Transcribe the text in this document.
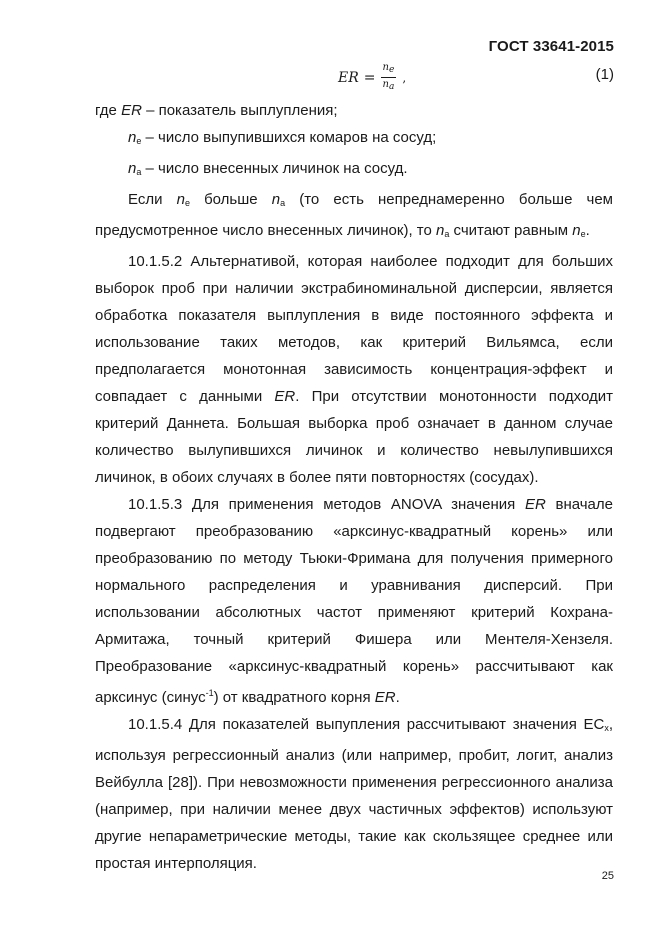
ГОСТ 33641-2015
ER = $\frac{ne}{na}$ ,	(1)

где ER – показатель выплупления;

ne – число выпупившихся комаров на сосуд;

na – число внесенных личинок на сосуд.

Если ne больше na (то есть непреднамеренно больше чем предусмотренное число внесенных личинок), то na считают равным ne.

10.1.5.2 Альтернативой, которая наиболее подходит для больших выборок проб при наличии экстрабиноминальной дисперсии, является обработка показателя выплупления в виде постоянного эффекта и использование таких методов, как критерий Вильямса, если предполагается монотонная зависимость концентрация-эффект и совпадает с данными ER. При отсутствии монотонности подходит критерий Даннета. Большая выборка проб означает в данном случае количество вылупившихся личинок и количество невылупившихся личинок, в обоих случаях в более пяти повторностях (сосудах).

10.1.5.3 Для применения методов ANOVA значения ER вначале подвергают преобразованию «арксинус-квадратный корень» или преобразованию по методу Тьюки-Фримана для получения примерного нормального распределения и уравнивания дисперсий. При использовании абсолютных частот применяют критерий Кохрана-Армитажа, точный критерий Фишера или Ментеля-Хензеля. Преобразование «арксинус-квадратный корень» рассчитывают как арксинус (синус$^{-1}$) от квадратного корня ER.

10.1.5.4 Для показателей выпупления рассчитывают значения ECx, используя регрессионный анализ (или например, пробит, логит, анализ Вейбулла [28]). При невозможности применения регрессионного анализа (например, при наличии менее двух частичных эффектов) используют другие непараметрические методы, такие как скользящее среднее или простая интерполяция.

25
